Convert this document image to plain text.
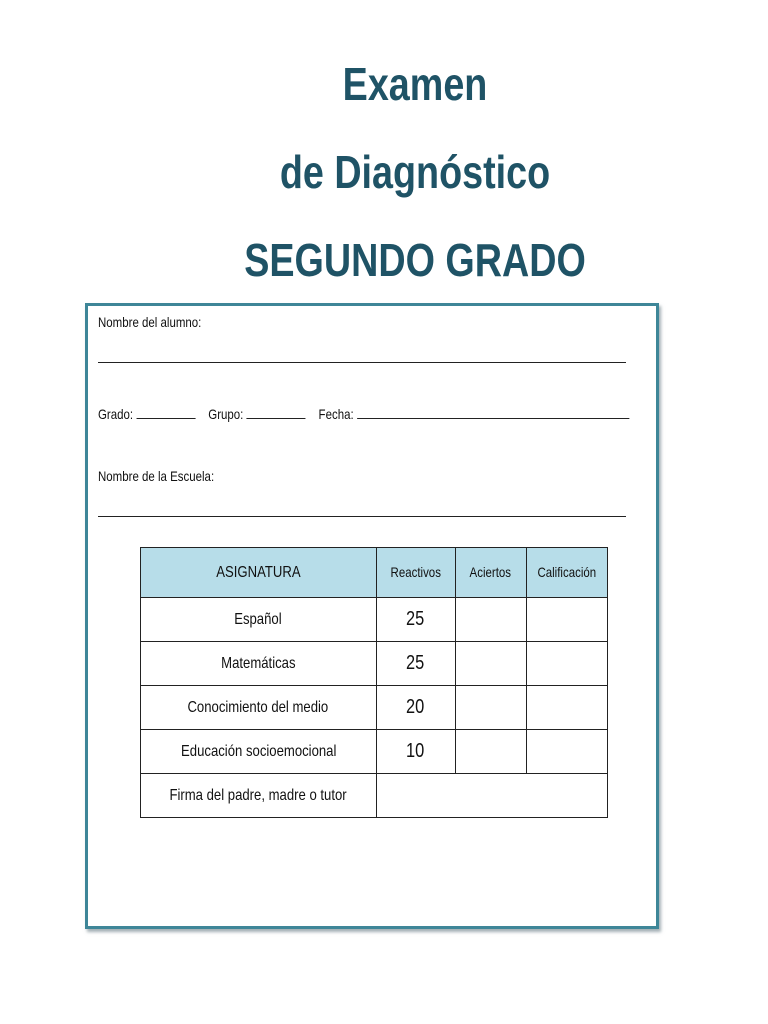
Examen
de Diagnóstico
SEGUNDO GRADO
Nombre del alumno:
Grado:	Grupo:	Fecha:
Nombre de la Escuela:
ASIGNATURA	Reactivos	Aciertos	Calificación
Español	25		
Matemáticas	25		
Conocimiento del medio	20		
Educación socioemocional	10		
Firma del padre, madre o tutor			
